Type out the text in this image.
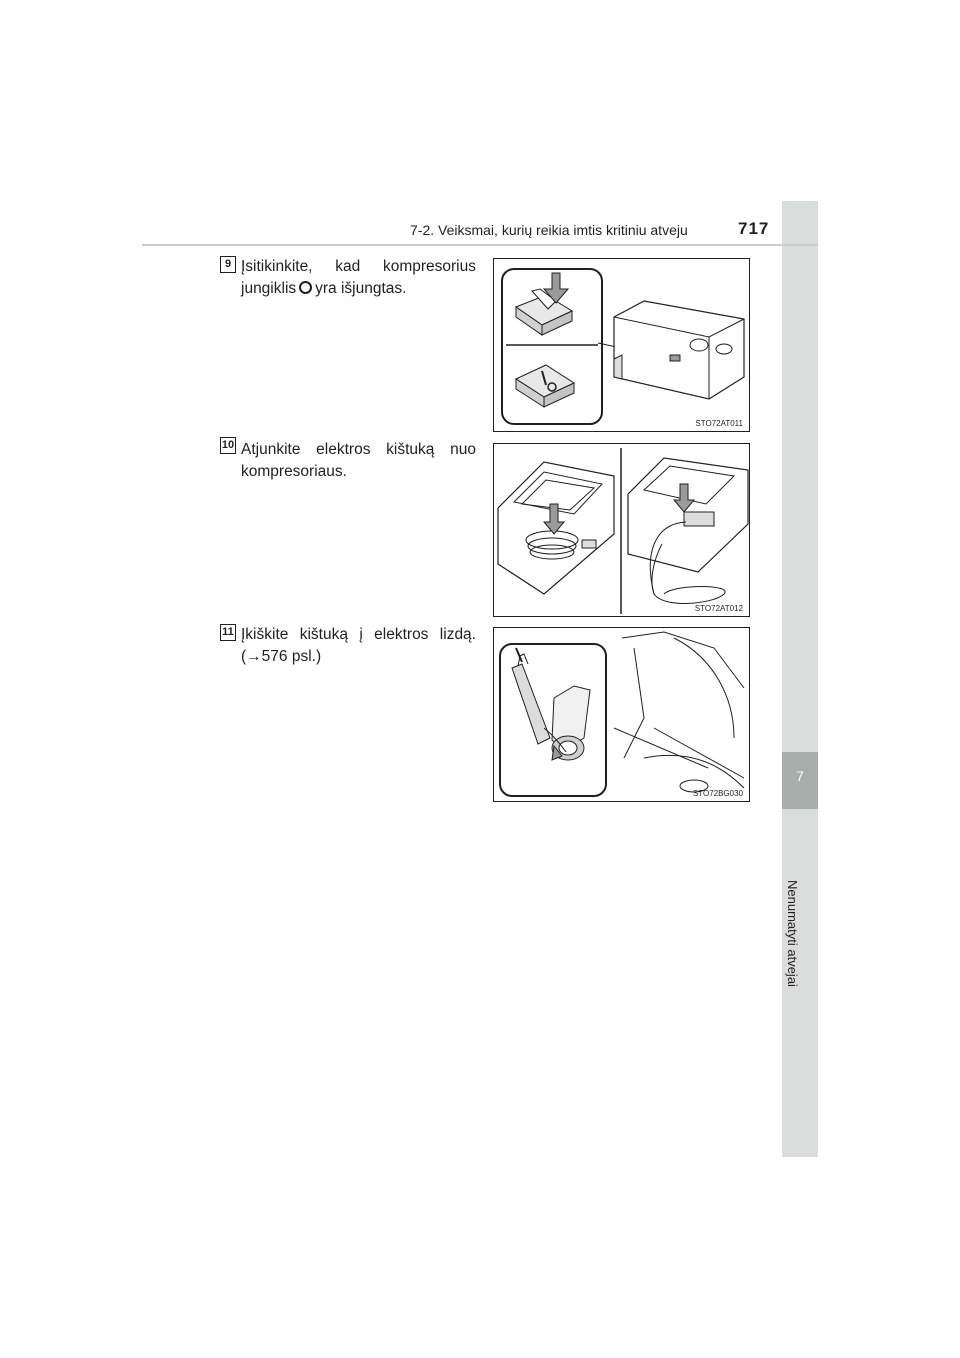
7
Nenumatyti atvejai
7-2. Veiksmai, kurių reikia imtis kritiniu atveju	717
9 Įsitikinkite, kad kompresorius jungiklis yra išjungtas.
STO72AT011
10 Atjunkite elektros kištuką nuo kompresoriaus.
STO72AT012
11 Įkiškite kištuką į elektros lizdą. (→576 psl.)
STO72BG030
